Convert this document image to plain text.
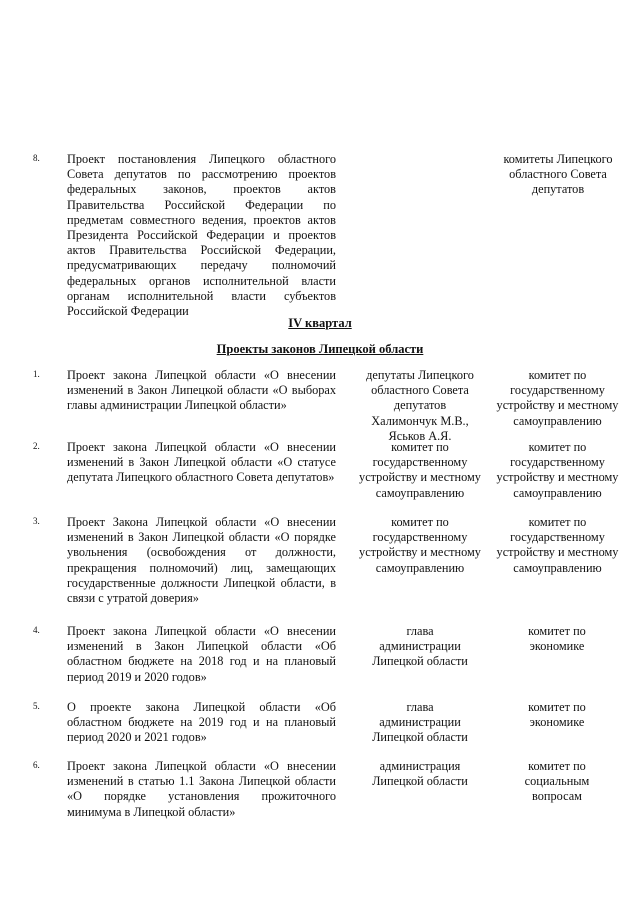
8. Проект постановления Липецкого областного Совета депутатов по рассмотрению проектов федеральных законов, проектов актов Правительства Российской Федерации по предметам совместного ведения, проектов актов Президента Российской Федерации и проектов актов Правительства Российской Федерации, предусматривающих передачу полномочий федеральных органов исполнительной власти органам исполнительной власти субъектов Российской Федерации
комитеты Липецкого областного Совета депутатов
IV квартал
Проекты законов Липецкой области
1. Проект закона Липецкой области «О внесении изменений в Закон Липецкой области «О выборах главы администрации Липецкой области»
депутаты Липецкого областного Совета депутатов Халимончук М.В., Яськов А.Я.
комитет по государственному устройству и местному самоуправлению
2. Проект закона Липецкой области «О внесении изменений в Закон Липецкой области «О статусе депутата Липецкого областного Совета депутатов»
комитет по государственному устройству и местному самоуправлению
комитет по государственному устройству и местному самоуправлению
3. Проект Закона Липецкой области «О внесении изменений в Закон Липецкой области «О порядке увольнения (освобождения от должности, прекращения полномочий) лиц, замещающих государственные должности Липецкой области, в связи с утратой доверия»
комитет по государственному устройству и местному самоуправлению
комитет по государственному устройству и местному самоуправлению
4. Проект закона Липецкой области «О внесении изменений в Закон Липецкой области «Об областном бюджете на 2018 год и на плановый период 2019 и 2020 годов»
глава администрации Липецкой области
комитет по экономике
5. О проекте закона Липецкой области «Об областном бюджете на 2019 год и на плановый период 2020 и 2021 годов»
глава администрации Липецкой области
комитет по экономике
6. Проект закона Липецкой области «О внесении изменений в статью 1.1 Закона Липецкой области «О порядке установления прожиточного минимума в Липецкой области»
администрация Липецкой области
комитет по социальным вопросам
